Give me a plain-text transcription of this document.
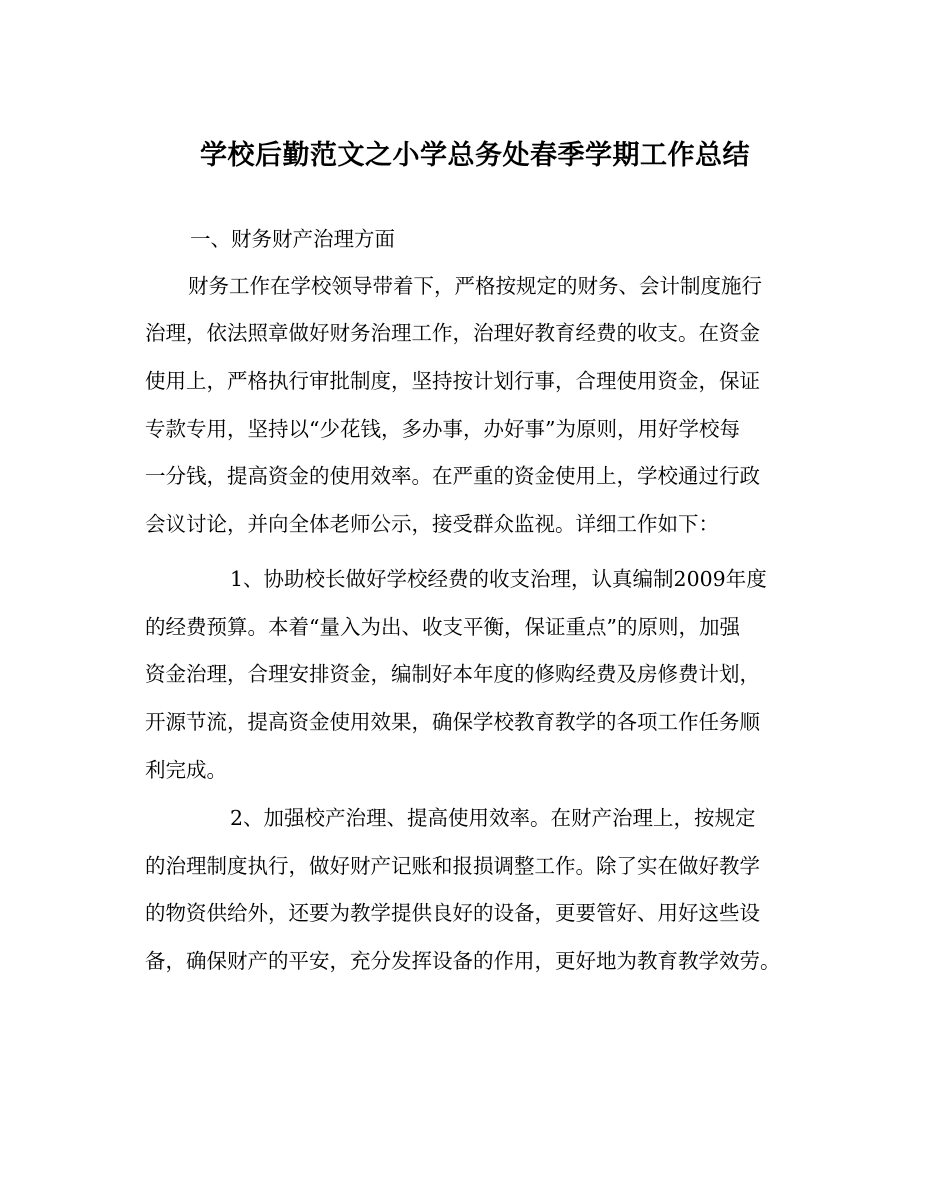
学校后勤范文之小学总务处春季学期工作总结
一、财务财产治理方面
财务工作在学校领导带着下，严格按规定的财务、会计制度施行
治理，依法照章做好财务治理工作，治理好教育经费的收支。在资金
使用上，严格执行审批制度，坚持按计划行事，合理使用资金，保证
专款专用，坚持以“少花钱，多办事，办好事”为原则，用好学校每
一分钱，提高资金的使用效率。在严重的资金使用上，学校通过行政
会议讨论，并向全体老师公示，接受群众监视。详细工作如下：
1、协助校长做好学校经费的收支治理，认真编制2009年度
的经费预算。本着“量入为出、收支平衡，保证重点”的原则，加强
资金治理，合理安排资金，编制好本年度的修购经费及房修费计划，
开源节流，提高资金使用效果，确保学校教育教学的各项工作任务顺
利完成。
2、加强校产治理、提高使用效率。在财产治理上，按规定
的治理制度执行，做好财产记账和报损调整工作。除了实在做好教学
的物资供给外，还要为教学提供良好的设备，更要管好、用好这些设
备，确保财产的平安，充分发挥设备的作用，更好地为教育教学效劳。
